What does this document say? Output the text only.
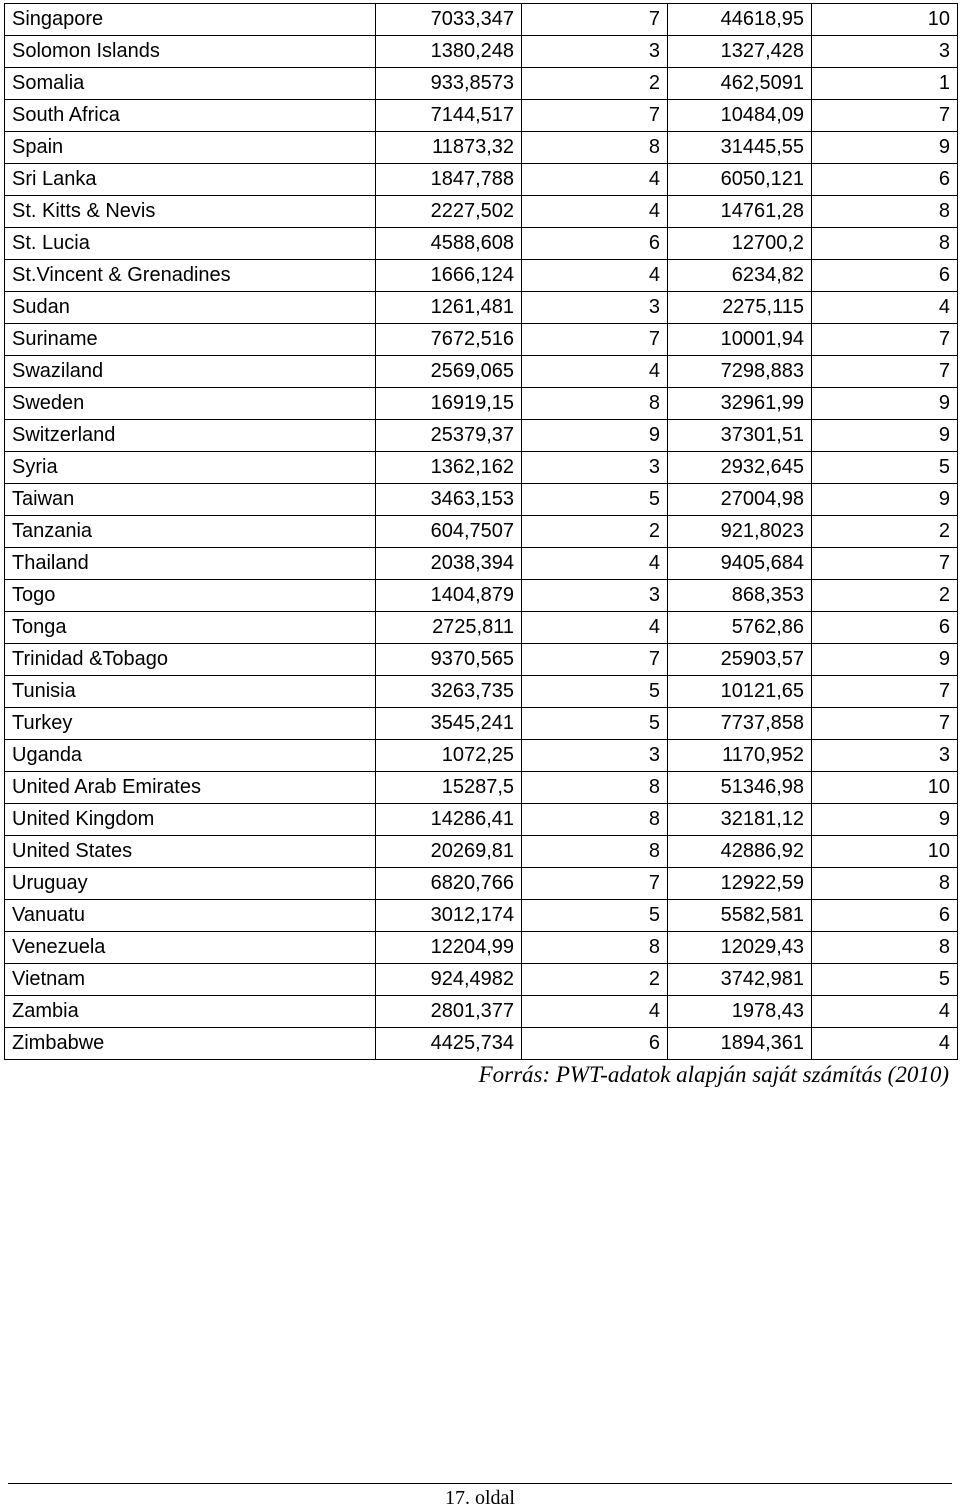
Singapore	7033,347	7	44618,95	10
Solomon Islands	1380,248	3	1327,428	3
Somalia	933,8573	2	462,5091	1
South Africa	7144,517	7	10484,09	7
Spain	11873,32	8	31445,55	9
Sri Lanka	1847,788	4	6050,121	6
St. Kitts & Nevis	2227,502	4	14761,28	8
St. Lucia	4588,608	6	12700,2	8
St.Vincent & Grenadines	1666,124	4	6234,82	6
Sudan	1261,481	3	2275,115	4
Suriname	7672,516	7	10001,94	7
Swaziland	2569,065	4	7298,883	7
Sweden	16919,15	8	32961,99	9
Switzerland	25379,37	9	37301,51	9
Syria	1362,162	3	2932,645	5
Taiwan	3463,153	5	27004,98	9
Tanzania	604,7507	2	921,8023	2
Thailand	2038,394	4	9405,684	7
Togo	1404,879	3	868,353	2
Tonga	2725,811	4	5762,86	6
Trinidad &Tobago	9370,565	7	25903,57	9
Tunisia	3263,735	5	10121,65	7
Turkey	3545,241	5	7737,858	7
Uganda	1072,25	3	1170,952	3
United Arab Emirates	15287,5	8	51346,98	10
United Kingdom	14286,41	8	32181,12	9
United States	20269,81	8	42886,92	10
Uruguay	6820,766	7	12922,59	8
Vanuatu	3012,174	5	5582,581	6
Venezuela	12204,99	8	12029,43	8
Vietnam	924,4982	2	3742,981	5
Zambia	2801,377	4	1978,43	4
Zimbabwe	4425,734	6	1894,361	4
Forrás: PWT-adatok alapján saját számítás (2010)
17. oldal
